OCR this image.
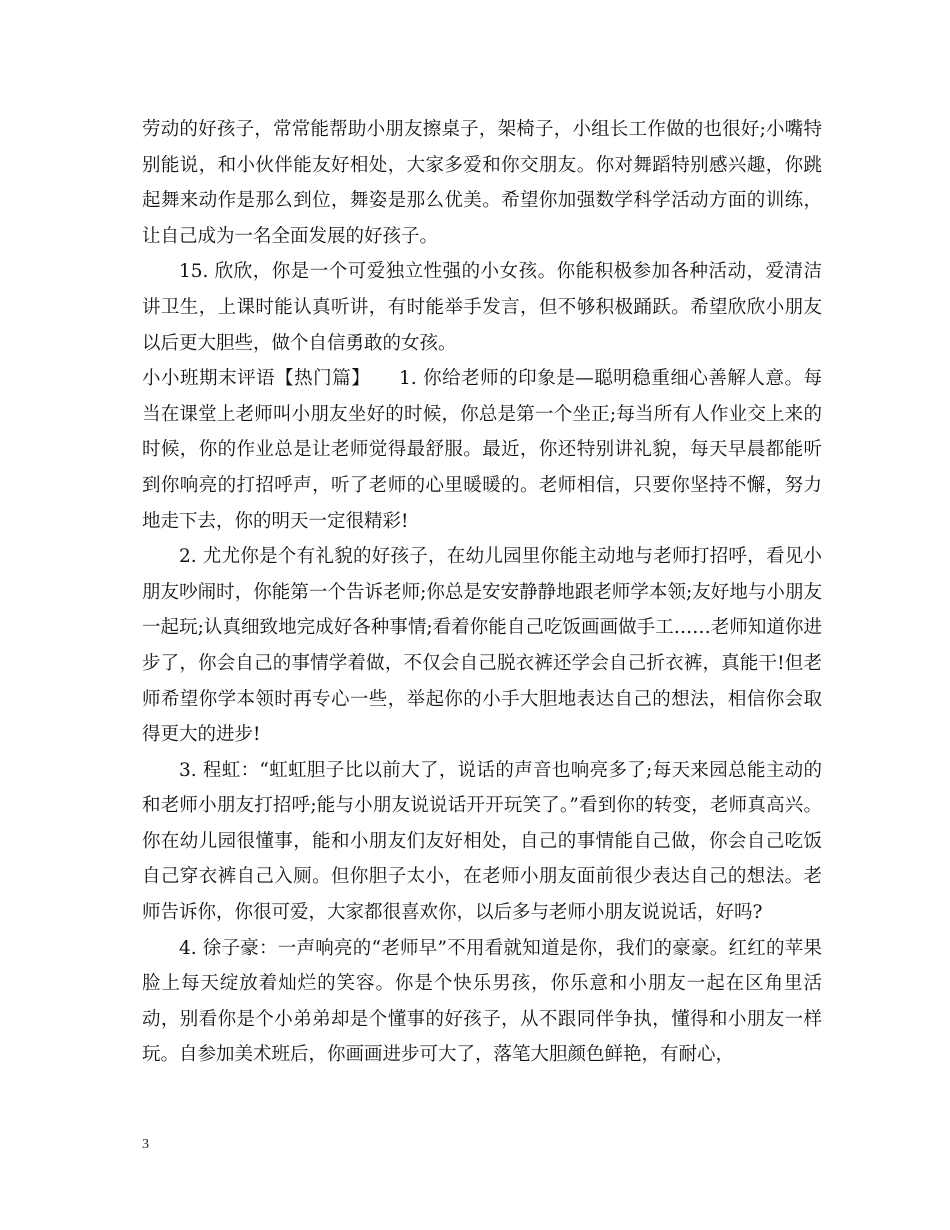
劳动的好孩子，常常能帮助小朋友擦桌子，架椅子，小组长工作做的也很好;小嘴特别能说，和小伙伴能友好相处，大家多爱和你交朋友。你对舞蹈特别感兴趣，你跳起舞来动作是那么到位，舞姿是那么优美。希望你加强数学科学活动方面的训练，让自己成为一名全面发展的好孩子。

15. 欣欣，你是一个可爱独立性强的小女孩。你能积极参加各种活动，爱清洁讲卫生，上课时能认真听讲，有时能举手发言，但不够积极踊跃。希望欣欣小朋友以后更大胆些，做个自信勇敢的女孩。

小小班期末评语【热门篇】　　1. 你给老师的印象是—聪明稳重细心善解人意。每当在课堂上老师叫小朋友坐好的时候，你总是第一个坐正;每当所有人作业交上来的时候，你的作业总是让老师觉得最舒服。最近，你还特别讲礼貌，每天早晨都能听到你响亮的打招呼声，听了老师的心里暖暖的。老师相信，只要你坚持不懈，努力地走下去，你的明天一定很精彩!

2. 尤尤你是个有礼貌的好孩子，在幼儿园里你能主动地与老师打招呼，看见小朋友吵闹时，你能第一个告诉老师;你总是安安静静地跟老师学本领;友好地与小朋友一起玩;认真细致地完成好各种事情;看着你能自己吃饭画画做手工……老师知道你进步了，你会自己的事情学着做，不仅会自己脱衣裤还学会自己折衣裤，真能干!但老师希望你学本领时再专心一些，举起你的小手大胆地表达自己的想法，相信你会取得更大的进步!

3. 程虹：“虹虹胆子比以前大了，说话的声音也响亮多了;每天来园总能主动的和老师小朋友打招呼;能与小朋友说说话开开玩笑了。”看到你的转变，老师真高兴。你在幼儿园很懂事，能和小朋友们友好相处，自己的事情能自己做，你会自己吃饭自己穿衣裤自己入厕。但你胆子太小，在老师小朋友面前很少表达自己的想法。老师告诉你，你很可爱，大家都很喜欢你，以后多与老师小朋友说说话，好吗?

4. 徐子豪：一声响亮的“老师早”不用看就知道是你，我们的豪豪。红红的苹果脸上每天绽放着灿烂的笑容。你是个快乐男孩，你乐意和小朋友一起在区角里活动，别看你是个小弟弟却是个懂事的好孩子，从不跟同伴争执，懂得和小朋友一样玩。自参加美术班后，你画画进步可大了，落笔大胆颜色鲜艳，有耐心，

3
